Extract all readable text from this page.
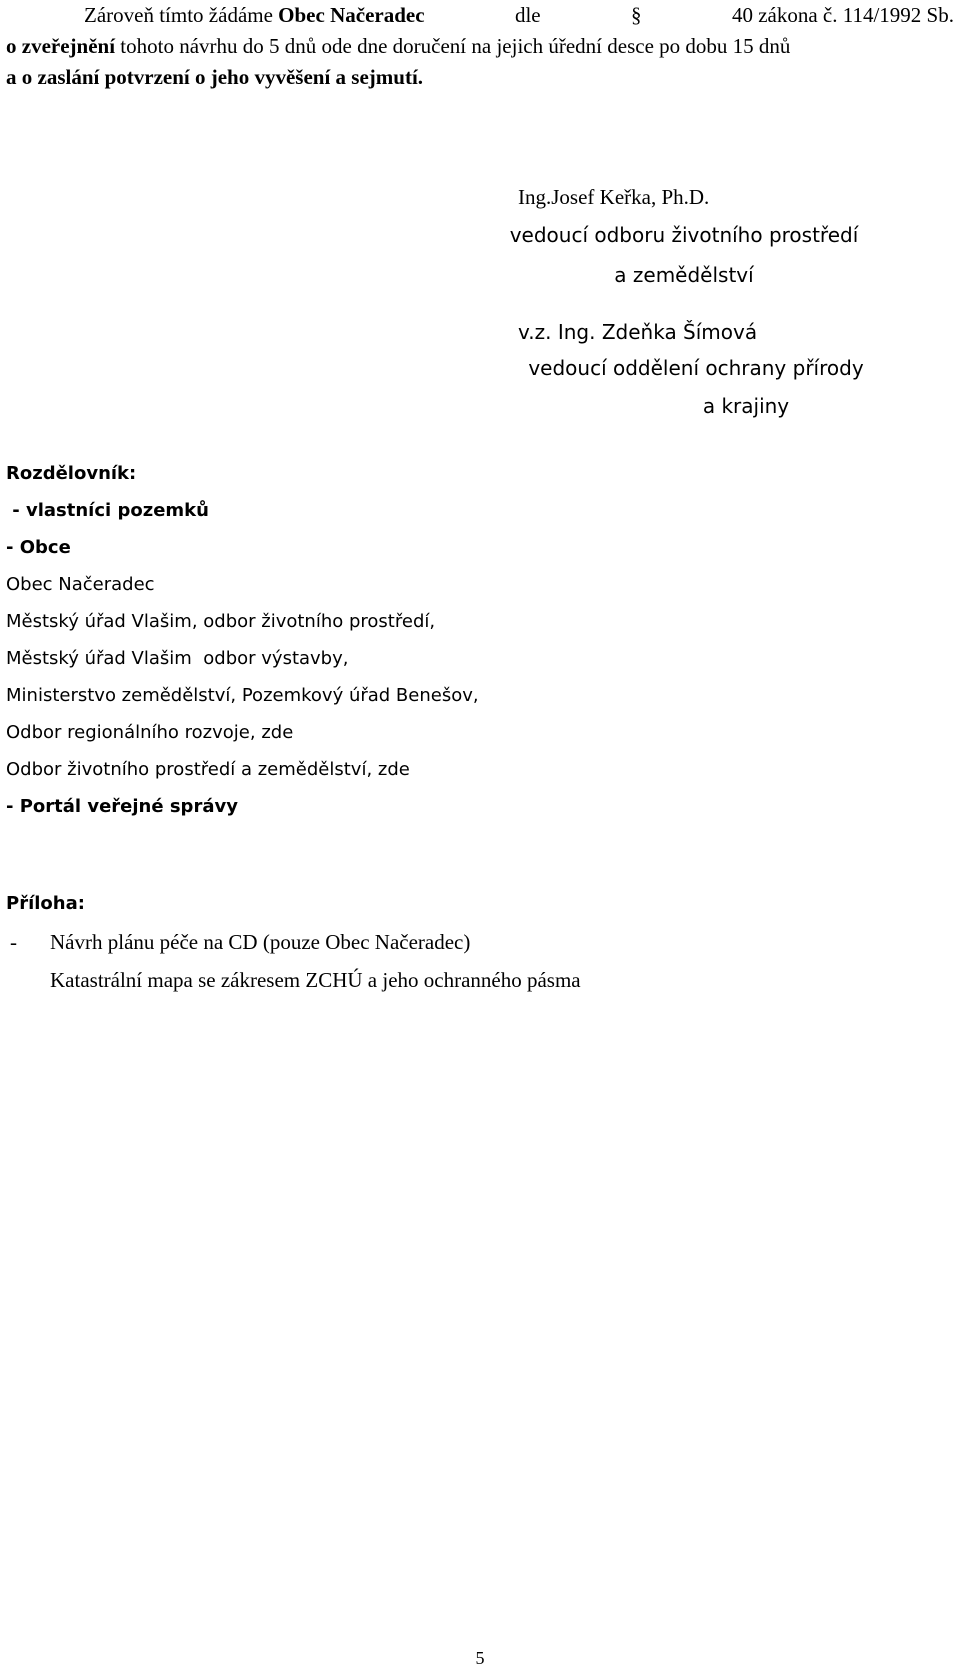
Zároveň tímto žádáme Obec Načeradec	dle	§	40 zákona č. 114/1992 Sb.
o zveřejnění tohoto návrhu do 5 dnů ode dne doručení na jejich úřední desce po dobu 15 dnů
a o zaslání potvrzení o jeho vyvěšení a sejmutí.
Ing.Josef Keřka, Ph.D.
vedoucí odboru životního prostředí
a zemědělství
v.z. Ing. Zdeňka Šímová
vedoucí oddělení ochrany přírody
a krajiny
Rozdělovník:
- vlastníci pozemků
- Obce
Obec Načeradec
Městský úřad Vlašim, odbor životního prostředí,
Městský úřad Vlašim  odbor výstavby,
Ministerstvo zemědělství, Pozemkový úřad Benešov,
Odbor regionálního rozvoje, zde
Odbor životního prostředí a zemědělství, zde
- Portál veřejné správy
Příloha:
-	Návrh plánu péče na CD (pouze Obec Načeradec)
Katastrální mapa se zákresem ZCHÚ a jeho ochranného pásma
5
